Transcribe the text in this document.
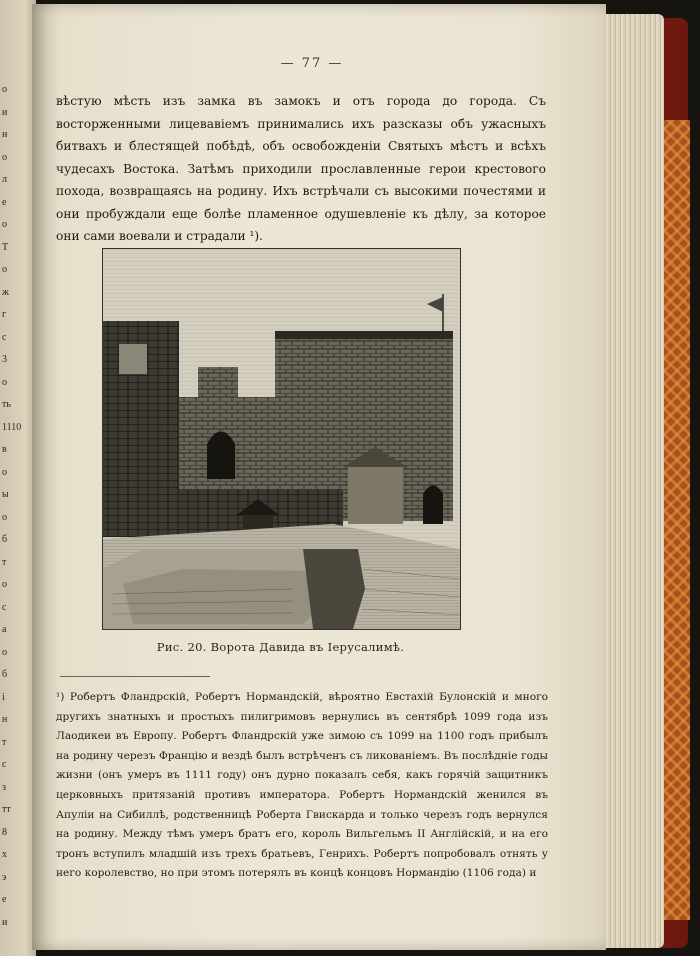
о
и
н
о
л
е
о
Т
о
ж
г
с
3
о
ть
1110
в
о
ы
о
б
т
о
с
а
о
б
і
н
т
с
з
тт
8
х
э
е
и
— 77 —

вѣстую мѣсть изъ замка въ замокъ и отъ города до города. Съ восторженными лицевавіемъ принимались ихъ разсказы объ ужасныхъ битвахъ и блестящей побѣдѣ, объ освобожденіи Святыхъ мѣстъ и всѣхъ чудесахъ Востока. Затѣмъ приходили прославленные герои крестового похода, возвращаясь на родину. Ихъ встрѣчали съ высокими почестями и они пробуждали еще болѣе пламенное одушевленіе къ дѣлу, за которое они сами воевали и страдали ¹).

Рис. 20. Ворота Давида въ Іерусалимѣ.

¹) Робертъ Фландрскій, Робертъ Нормандскій, вѣроятно Евстахій Булонскій и много другихъ знатныхъ и простыхъ пилигримовъ вернулись въ сентябрѣ 1099 года изъ Лаодикеи въ Европу. Робертъ Фландрскій уже зимою съ 1099 на 1100 годъ прибылъ на родину черезъ Францію и вездѣ былъ встрѣченъ съ ликованіемъ. Въ послѣдніе годы жизни (онъ умеръ въ 1111 году) онъ дурно показалъ себя, какъ горячій защитникъ церковныхъ притязаній противъ императора. Робертъ Нормандскій женился въ Апуліи на Сибиллѣ, родственницѣ Роберта Гвискарда и только черезъ годъ вернулся на родину. Между тѣмъ умеръ братъ его, король Вильгельмъ II Англійскій, и на его тронъ вступилъ младшій изъ трехъ братьевъ, Генрихъ. Робертъ попробовалъ отнять у него королевство, но при этомъ потерялъ въ концѣ концовъ Нормандію (1106 года) и
